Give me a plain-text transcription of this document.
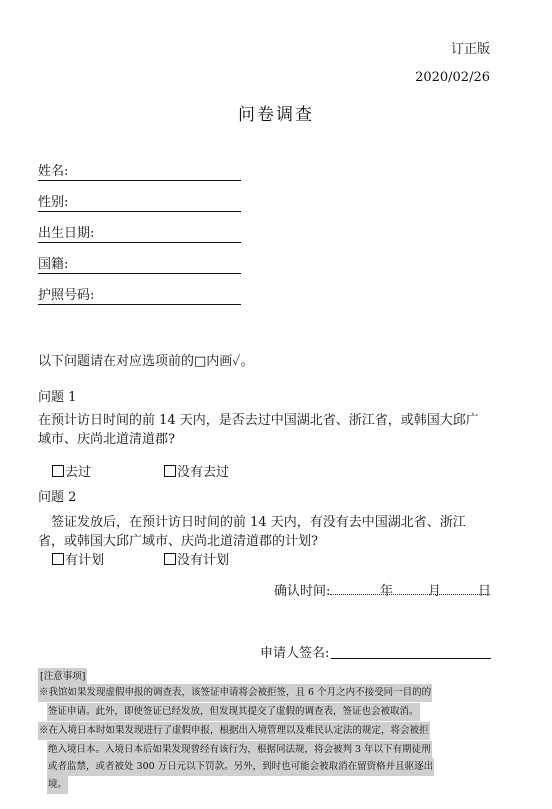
订正版
2020/02/26
问卷调查
姓名:
性别:
出生日期:
国籍:
护照号码:
以下问题请在对应选项前的□内画✓。
问题 1
在预计访日时间的前 14 天内，是否去过中国湖北省、浙江省，或韩国大邱广域市、庆尚北道清道郡?
去过	没有去过
问题 2
签证发放后，在预计访日时间的前 14 天内，有没有去中国湖北省、浙江省，或韩国大邱广域市、庆尚北道清道郡的计划?
有计划	没有计划
确认时间:	年	月	日
申请人签名:
[注意事项]
※我馆如果发现虚假申报的调查表，该签证申请将会被拒签，且 6 个月之内不接受同一目的的
签证申请。此外，即使签证已经发放，但发现其提交了虚假的调查表，签证也会被取消。
※在入境日本时如果发现进行了虚假申报，根据出入境管理以及难民认定法的规定，将会被拒
绝入境日本。入境日本后如果发现曾经有该行为，根据同法规，将会被判 3 年以下有期徒刑
或者监禁，或者被处 300 万日元以下罚款。另外，到时也可能会被取消在留资格并且驱逐出
境。
